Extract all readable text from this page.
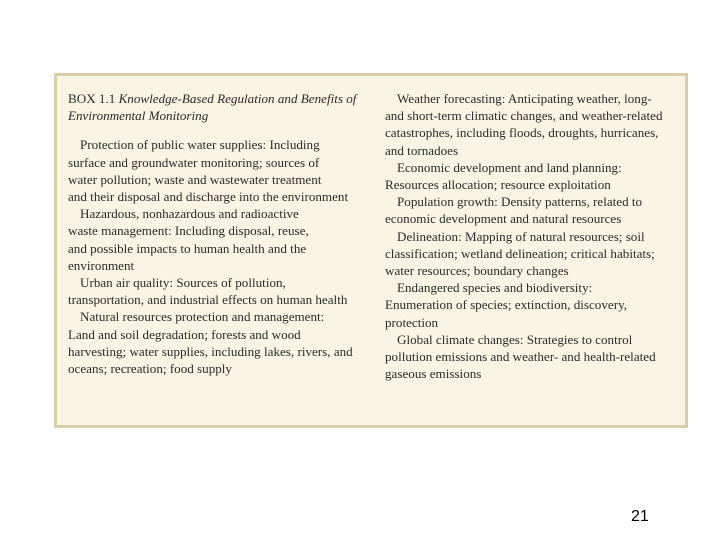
BOX 1.1 Knowledge-Based Regulation and Benefits of
Environmental Monitoring
Protection of public water supplies: Including
surface and groundwater monitoring; sources of
water pollution; waste and wastewater treatment
and their disposal and discharge into the environment
Hazardous, nonhazardous and radioactive
waste management: Including disposal, reuse,
and possible impacts to human health and the
environment
Urban air quality: Sources of pollution,
transportation, and industrial effects on human health
Natural resources protection and management:
Land and soil degradation; forests and wood
harvesting; water supplies, including lakes, rivers, and
oceans; recreation; food supply
Weather forecasting: Anticipating weather, long-
and short-term climatic changes, and weather-related
catastrophes, including floods, droughts, hurricanes,
and tornadoes
Economic development and land planning:
Resources allocation; resource exploitation
Population growth: Density patterns, related to
economic development and natural resources
Delineation: Mapping of natural resources; soil
classification; wetland delineation; critical habitats;
water resources; boundary changes
Endangered species and biodiversity:
Enumeration of species; extinction, discovery,
protection
Global climate changes: Strategies to control
pollution emissions and weather- and health-related
gaseous emissions
21
